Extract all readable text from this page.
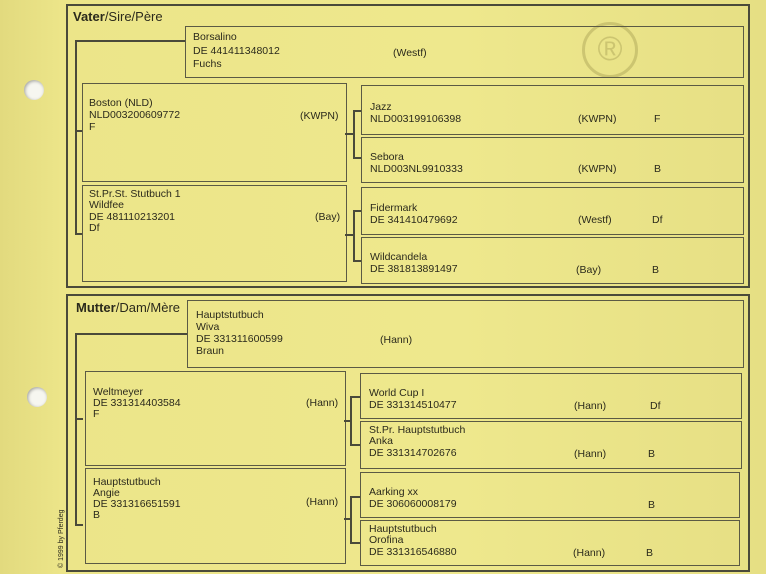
®
Vater/Sire/Père
Borsalino
DE 441411348012	(Westf)
Fuchs
Boston (NLD)
NLD003200609772	(KWPN)
F
St.Pr.St. Stutbuch 1
Wildfee
DE 481110213201	(Bay)
Df
Jazz
NLD003199106398	(KWPN)	F
Sebora
NLD003NL9910333	(KWPN)	B
Fidermark
DE 341410479692	(Westf)	Df
Wildcandela
DE 381813891497	(Bay)	B
Mutter/Dam/Mère Hauptstutbuch
Wiva
DE 331311600599	(Hann)
Braun
Weltmeyer
DE 331314403584	(Hann)
F
Hauptstutbuch
Angie
DE 331316651591	(Hann)
B
World Cup I
DE 331314510477	(Hann)	Df
St.Pr. Hauptstutbuch
Anka
DE 331314702676	(Hann)	B
Aarking xx
DE 306060008179	B
Hauptstutbuch
Orofina
DE 331316546880	(Hann)	B
© 1999 by Pferdeg
